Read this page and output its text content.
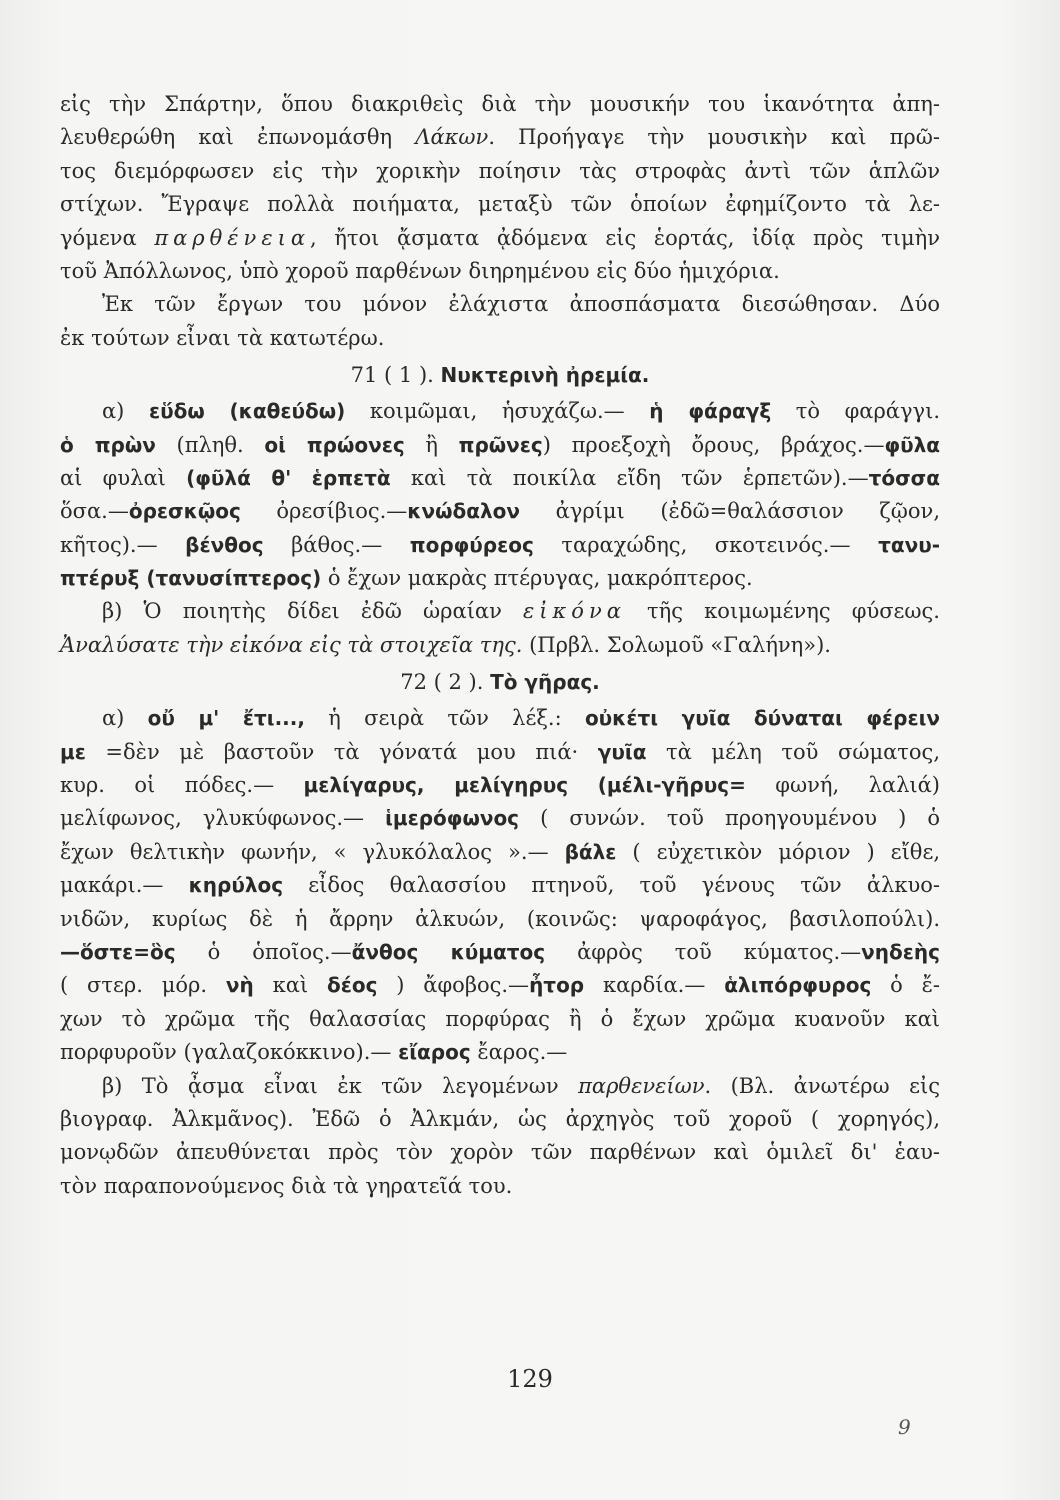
εἰς τὴν Σπάρτην, ὅπου διακριθεὶς διὰ τὴν μουσικήν του ἱκανότητα ἀπη-
λευθερώθη καὶ ἐπωνομάσθη Λάκων. Προήγαγε τὴν μουσικὴν καὶ πρῶ-
τος διεμόρφωσεν εἰς τὴν χορικὴν ποίησιν τὰς στροφὰς ἀντὶ τῶν ἁπλῶν
στίχων. Ἔγραψε πολλὰ ποιήματα, μεταξὺ τῶν ὁποίων ἐφημίζοντο τὰ λε-
γόμενα παρθένεια, ἤτοι ᾄσματα ᾀδόμενα εἰς ἑορτάς, ἰδίᾳ πρὸς τιμὴν
τοῦ Ἀπόλλωνος, ὑπὸ χοροῦ παρθένων διηρημένου εἰς δύο ἡμιχόρια.
Ἐκ τῶν ἔργων του μόνον ἐλάχιστα ἀποσπάσματα διεσώθησαν. Δύο
ἐκ τούτων εἶναι τὰ κατωτέρω.
71 ( 1 ). Νυκτερινὴ ἠρεμία.
α) εὕδω (καθεύδω) κοιμῶμαι, ἡσυχάζω.— ἡ φάραγξ τὸ φαράγγι.
ὁ πρὼν (πληθ. οἱ πρώονες ἢ πρῶνες) προεξοχὴ ὄρους, βράχος.—φῦλα
αἱ φυλαὶ (φῦλά θ' ἑρπετὰ καὶ τὰ ποικίλα εἴδη τῶν ἑρπετῶν).—τόσσα
ὅσα.—ὀρεσκῷος ὀρεσίβιος.—κνώδαλον ἀγρίμι (ἐδῶ=θαλάσσιον ζῷον,
κῆτος).— βένθος βάθος.— πορφύρεος ταραχώδης, σκοτεινός.— τανυ-
πτέρυξ (τανυσίπτερος) ὁ ἔχων μακρὰς πτέρυγας, μακρόπτερος.
β) Ὁ ποιητὴς δίδει ἐδῶ ὡραίαν εἰκόνα τῆς κοιμωμένης φύσεως.
Ἀναλύσατε τὴν εἰκόνα εἰς τὰ στοιχεῖα της. (Πρβλ. Σολωμοῦ «Γαλήνη»).
72 ( 2 ). Τὸ γῆρας.
α) οὔ μ' ἔτι..., ἡ σειρὰ τῶν λέξ.: οὐκέτι γυῖα δύναται φέρειν
με =δὲν μὲ βαστοῦν τὰ γόνατά μου πιά· γυῖα τὰ μέλη τοῦ σώματος,
κυρ. οἱ πόδες.— μελίγαρυς, μελίγηρυς (μέλι-γῆρυς= φωνή, λαλιά)
μελίφωνος, γλυκύφωνος.— ἱμερόφωνος ( συνών. τοῦ προηγουμένου ) ὁ
ἔχων θελτικὴν φωνήν, « γλυκόλαλος ».— βάλε ( εὐχετικὸν μόριον ) εἴθε,
μακάρι.— κηρύλος εἶδος θαλασσίου πτηνοῦ, τοῦ γένους τῶν ἀλκυο-
νιδῶν, κυρίως δὲ ἡ ἄρρην ἀλκυών, (κοινῶς: ψαροφάγος, βασιλοπούλι).
—ὅστε=ὃς ὁ ὁποῖος.—ἄνθος κύματος ἀφρὸς τοῦ κύματος.—νηδεὴς
( στερ. μόρ. νὴ καὶ δέος ) ἄφοβος.—ἦτορ καρδία.— ἁλιπόρφυρος ὁ ἔ-
χων τὸ χρῶμα τῆς θαλασσίας πορφύρας ἢ ὁ ἔχων χρῶμα κυανοῦν καὶ
πορφυροῦν (γαλαζοκόκκινο).— εἴαρος ἔαρος.—
β) Τὸ ᾆσμα εἶναι ἐκ τῶν λεγομένων παρθενείων. (Βλ. ἀνωτέρω εἰς
βιογραφ. Ἀλκμᾶνος). Ἐδῶ ὁ Ἀλκμάν, ὡς ἀρχηγὸς τοῦ χοροῦ ( χορηγός),
μονῳδῶν ἀπευθύνεται πρὸς τὸν χορὸν τῶν παρθένων καὶ ὁμιλεῖ δι' ἑαυ-
τὸν παραπονούμενος διὰ τὰ γηρατεῖά του.
129
9
